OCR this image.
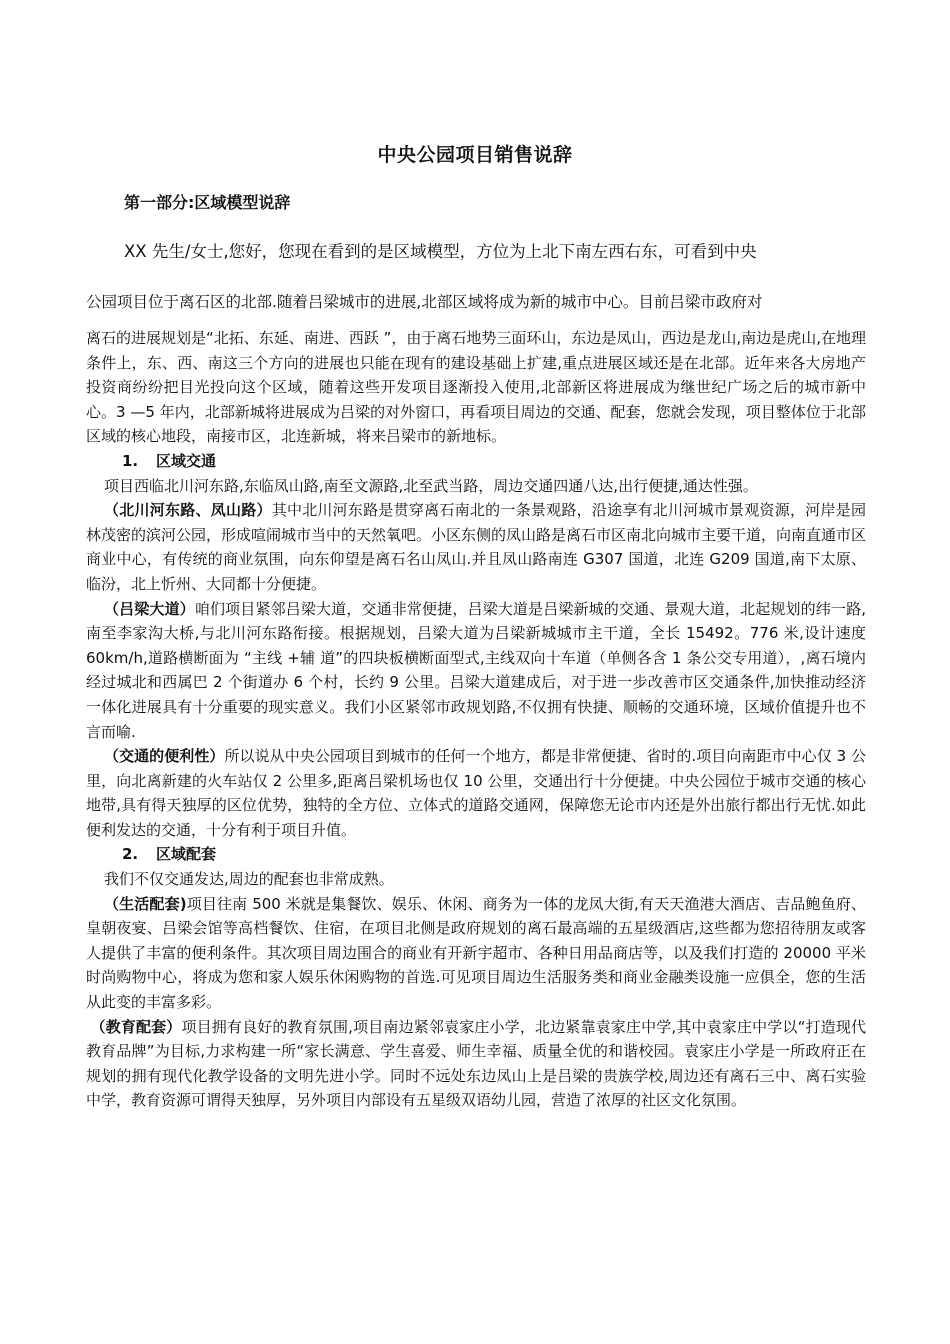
中央公园项目销售说辞
第一部分:区域模型说辞
XX 先生/女士,您好，您现在看到的是区域模型，方位为上北下南左西右东，可看到中央

公园项目位于离石区的北部.随着吕梁城市的进展,北部区域将成为新的城市中心。目前吕梁市政府对

离石的进展规划是“北拓、东延、南进、西跃 ”，由于离石地势三面环山，东边是凤山，西边是龙山,南边是虎山,在地理条件上，东、西、南这三个方向的进展也只能在现有的建设基础上扩建,重点进展区域还是在北部。近年来各大房地产投资商纷纷把目光投向这个区域，随着这些开发项目逐渐投入使用,北部新区将进展成为继世纪广场之后的城市新中心。3 —5 年内，北部新城将进展成为吕梁的对外窗口，再看项目周边的交通、配套，您就会发现，项目整体位于北部区域的核心地段，南接市区，北连新城，将来吕梁市的新地标。

1. 区域交通

项目西临北川河东路,东临凤山路,南至文源路,北至武当路，周边交通四通八达,出行便捷,通达性强。

（北川河东路、凤山路）其中北川河东路是贯穿离石南北的一条景观路，沿途享有北川河城市景观资源，河岸是园林茂密的滨河公园，形成喧闹城市当中的天然氧吧。小区东侧的凤山路是离石市区南北向城市主要干道，向南直通市区商业中心，有传统的商业氛围，向东仰望是离石名山凤山.并且凤山路南连 G307 国道，北连 G209 国道,南下太原、临汾，北上忻州、大同都十分便捷。

（吕梁大道）咱们项目紧邻吕梁大道，交通非常便捷，吕梁大道是吕梁新城的交通、景观大道，北起规划的纬一路,南至李家沟大桥,与北川河东路衔接。根据规划，吕梁大道为吕梁新城城市主干道，全长 15492。776 米,设计速度 60km/h,道路横断面为 “主线 +辅 道”的四块板横断面型式,主线双向十车道（单侧各含 1 条公交专用道），,离石境内经过城北和西属巴 2 个街道办 6 个村，长约 9 公里。吕梁大道建成后，对于进一步改善市区交通条件,加快推动经济一体化进展具有十分重要的现实意义。我们小区紧邻市政规划路,不仅拥有快捷、顺畅的交通环境，区域价值提升也不言而喻.

（交通的便利性）所以说从中央公园项目到城市的任何一个地方，都是非常便捷、省时的.项目向南距市中心仅 3 公里，向北离新建的火车站仅 2 公里多,距离吕梁机场也仅 10 公里，交通出行十分便捷。中央公园位于城市交通的核心地带,具有得天独厚的区位优势，独特的全方位、立体式的道路交通网，保障您无论市内还是外出旅行都出行无忧.如此便利发达的交通，十分有利于项目升值。

2. 区域配套

我们不仅交通发达,周边的配套也非常成熟。

（生活配套)项目往南 500 米就是集餐饮、娱乐、休闲、商务为一体的龙凤大街,有天天渔港大酒店、吉品鲍鱼府、皇朝夜宴、吕梁会馆等高档餐饮、住宿，在项目北侧是政府规划的离石最高端的五星级酒店,这些都为您招待朋友或客人提供了丰富的便利条件。其次项目周边围合的商业有开新宇超市、各种日用品商店等，以及我们打造的 20000 平米时尚购物中心，将成为您和家人娱乐休闲购物的首选.可见项目周边生活服务类和商业金融类设施一应俱全，您的生活从此变的丰富多彩。

（教育配套）项目拥有良好的教育氛围,项目南边紧邻袁家庄小学，北边紧靠袁家庄中学,其中袁家庄中学以“打造现代教育品牌”为目标,力求构建一所“家长满意、学生喜爱、师生幸福、质量全优的和谐校园。袁家庄小学是一所政府正在规划的拥有现代化教学设备的文明先进小学。同时不远处东边凤山上是吕梁的贵族学校,周边还有离石三中、离石实验中学，教育资源可谓得天独厚，另外项目内部设有五星级双语幼儿园，营造了浓厚的社区文化氛围。
